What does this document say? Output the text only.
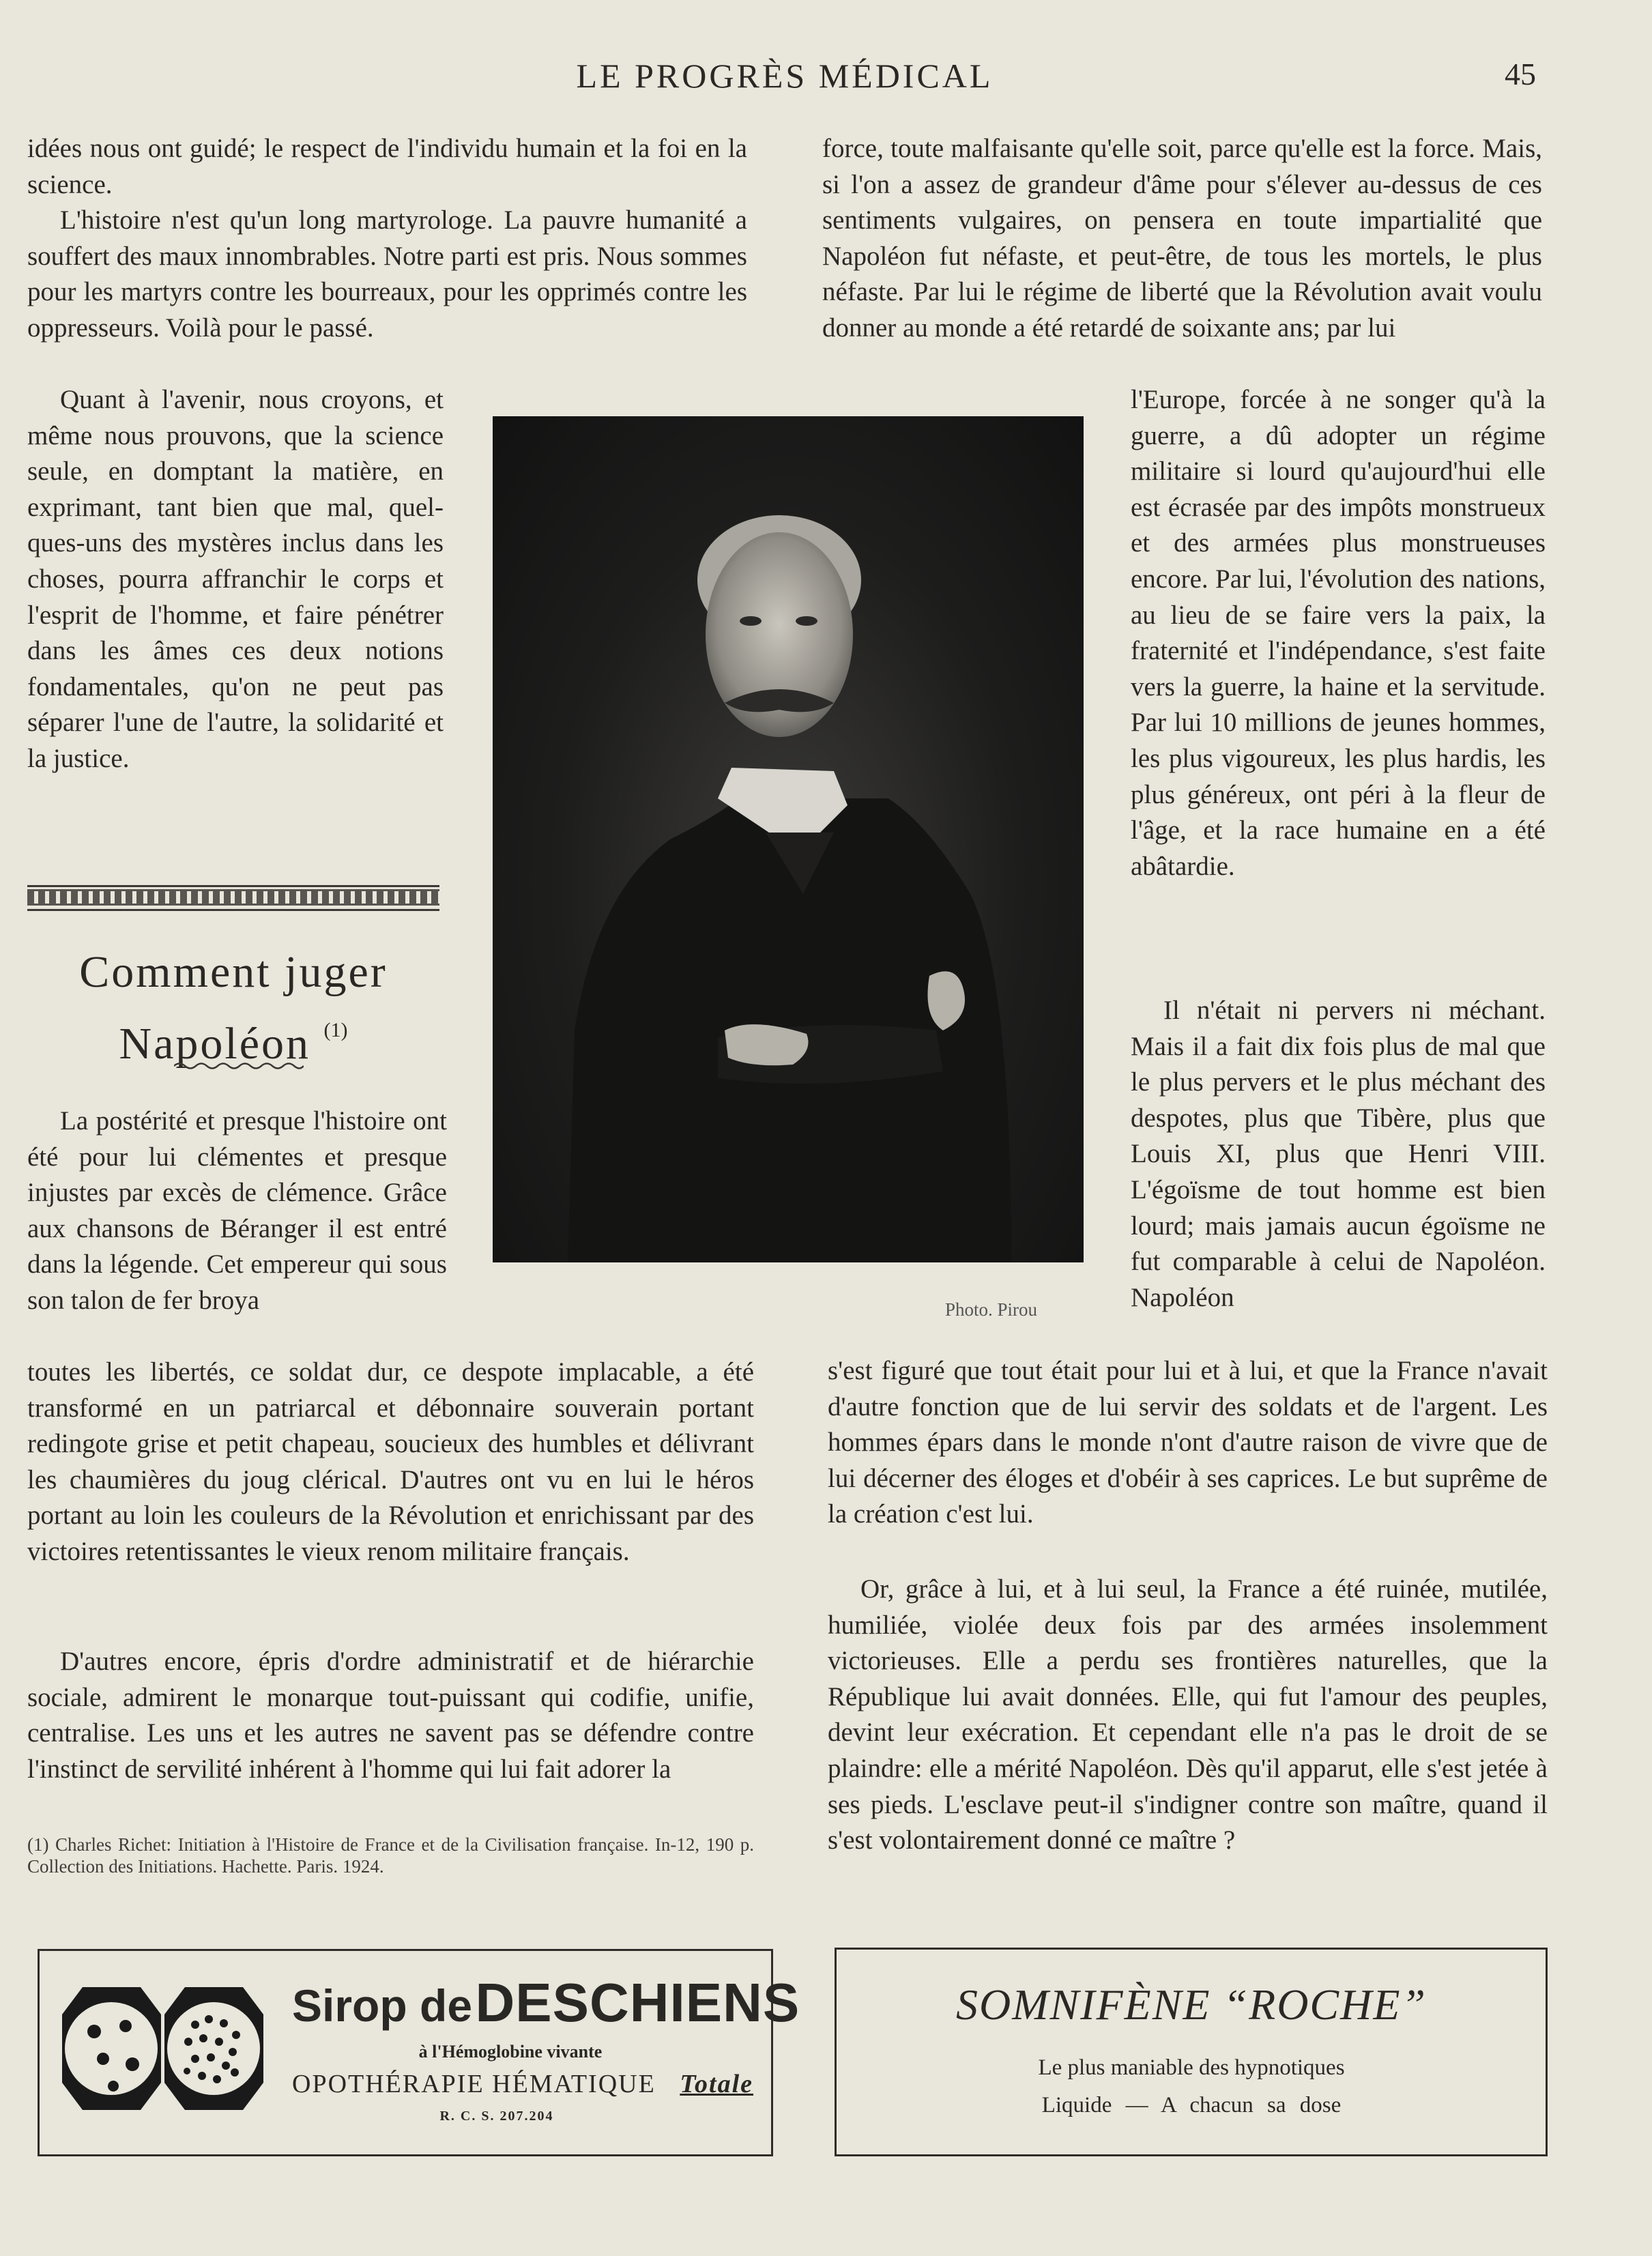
LE PROGRÈS MÉDICAL	45

idées nous ont guidé; le respect de l'individu humain et la foi en la science.

L'histoire n'est qu'un long martyrologe. La pauvre humanité a souffert des maux innombrables. Notre parti est pris. Nous sommes pour les martyrs contre les bourreaux, pour les opprimés contre les oppresseurs. Voilà pour le passé.

Quant à l'avenir, nous croyons, et même nous prouvons, que la science seule, en domptant la matière, en exprimant, tant bien que mal, quelques-uns des mystères inclus dans les choses, pourra affranchir le corps et l'esprit de l'homme, et faire pénétrer dans les âmes ces deux notions fondamentales, qu'on ne peut pas séparer l'une de l'autre, la solidarité et la justice.

Comment juger
Napoléon $^{(1)}$

La postérité et presque l'histoire ont été pour lui clémentes et presque injustes par excès de clémence. Grâce aux chansons de Béranger il est entré dans la légende. Cet empereur qui sous son talon de fer broya

toutes les libertés, ce soldat dur, ce despote implacable, a été transformé en un patriarcal et débonnaire souverain portant redingote grise et petit chapeau, soucieux des humbles et délivrant les chaumières du joug clérical. D'autres ont vu en lui le héros portant au loin les couleurs de la Révolution et enrichissant par des victoires retentissantes le vieux renom militaire français.

D'autres encore, épris d'ordre administratif et de hiérarchie sociale, admirent le monarque tout-puissant qui codifie, unifie, centralise. Les uns et les autres ne savent pas se défendre contre l'instinct de servilité inhérent à l'homme qui lui fait adorer la

(1) Charles Richet: Initiation à l'Histoire de France et de la Civilisation française. In-12, 190 p. Collection des Initiations. Hachette. Paris. 1924.

Photo. Pirou

force, toute malfaisante qu'elle soit, parce qu'elle est la force. Mais, si l'on a assez de grandeur d'âme pour s'élever au-dessus de ces sentiments vulgaires, on pensera en toute impartialité que Napoléon fut néfaste, et peut-être, de tous les mortels, le plus néfaste. Par lui le régime de liberté que la Révolution avait voulu donner au monde a été retardé de soixante ans; par lui

l'Europe, forcée à ne songer qu'à la guerre, a dû adopter un régime militaire si lourd qu'aujourd'hui elle est écrasée par des impôts monstrueux et des armées plus monstrueuses encore. Par lui, l'évolution des nations, au lieu de se faire vers la paix, la fraternité et l'indépendance, s'est faite vers la guerre, la haine et la servitude. Par lui 10 millions de jeunes hommes, les plus vigoureux, les plus hardis, les plus généreux, ont péri à la fleur de l'âge, et la race humaine en a été abâtardie.

Il n'était ni pervers ni méchant. Mais il a fait dix fois plus de mal que le plus pervers et le plus méchant des despotes, plus que Tibère, plus que Louis XI, plus que Henri VIII. L'égoïsme de tout homme est bien lourd; mais jamais aucun égoïsme ne fut comparable à celui de Napoléon. Napoléon

s'est figuré que tout était pour lui et à lui, et que la France n'avait d'autre fonction que de lui servir des soldats et de l'argent. Les hommes épars dans le monde n'ont d'autre raison de vivre que de lui décerner des éloges et d'obéir à ses caprices. Le but suprême de la création c'est lui.

Or, grâce à lui, et à lui seul, la France a été ruinée, mutilée, humiliée, violée deux fois par des armées insolemment victorieuses. Elle a perdu ses frontières naturelles, que la République lui avait données. Elle, qui fut l'amour des peuples, devint leur exécration. Et cependant elle n'a pas le droit de se plaindre: elle a mérité Napoléon. Dès qu'il apparut, elle s'est jetée à ses pieds. L'esclave peut-il s'indigner contre son maître, quand il s'est volontairement donné ce maître ?

Sirop de DESCHIENS
à l'Hémoglobine vivante
OPOTHÉRAPIE HÉMATIQUE Totale
R. C. S. 207.204
SOMNIFÈNE “ROCHE”
Le plus maniable des hypnotiques
Liquide — A chacun sa dose
